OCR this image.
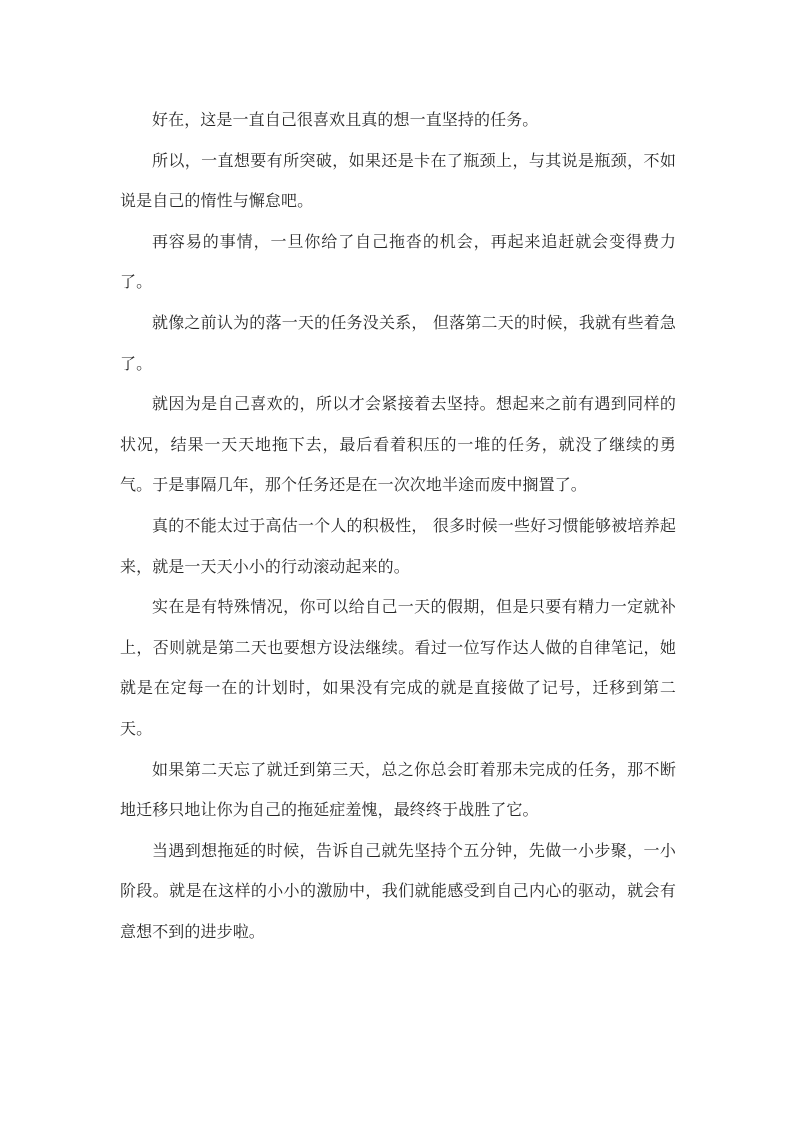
好在，这是一直自己很喜欢且真的想一直坚持的任务。

所以，一直想要有所突破，如果还是卡在了瓶颈上，与其说是瓶颈，不如说是自己的惰性与懈怠吧。

再容易的事情，一旦你给了自己拖沓的机会，再起来追赶就会变得费力了。

就像之前认为的落一天的任务没关系， 但落第二天的时候，我就有些着急了。

就因为是自己喜欢的，所以才会紧接着去坚持。想起来之前有遇到同样的状况，结果一天天地拖下去，最后看着积压的一堆的任务，就没了继续的勇气。于是事隔几年，那个任务还是在一次次地半途而废中搁置了。

真的不能太过于高估一个人的积极性， 很多时候一些好习惯能够被培养起来，就是一天天小小的行动滚动起来的。

实在是有特殊情况，你可以给自己一天的假期，但是只要有精力一定就补上，否则就是第二天也要想方设法继续。看过一位写作达人做的自律笔记，她就是在定每一在的计划时，如果没有完成的就是直接做了记号，迁移到第二天。

如果第二天忘了就迁到第三天，总之你总会盯着那未完成的任务，那不断地迁移只地让你为自己的拖延症羞愧，最终终于战胜了它。

当遇到想拖延的时候，告诉自己就先坚持个五分钟，先做一小步聚，一小阶段。就是在这样的小小的激励中，我们就能感受到自己内心的驱动，就会有意想不到的进步啦。
